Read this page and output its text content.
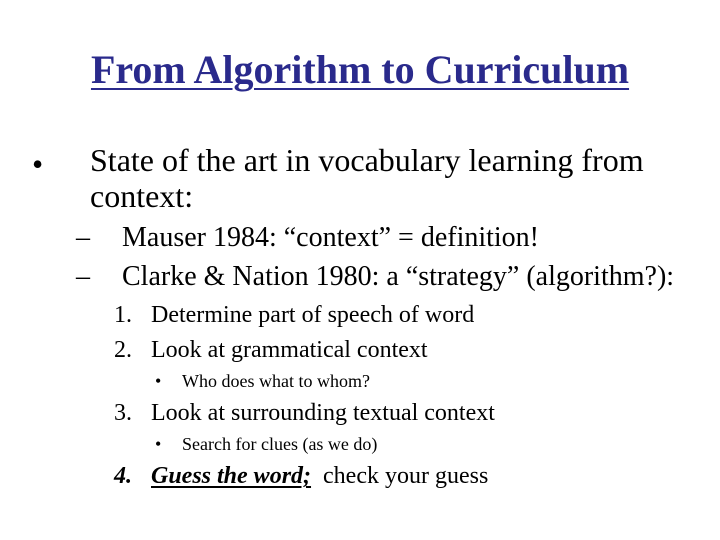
From Algorithm to Curriculum
• State of the art in vocabulary learning from context:
– Mauser 1984: “context” = definition!
– Clarke & Nation 1980: a “strategy” (algorithm?):
1. Determine part of speech of word
2. Look at grammatical context
• Who does what to whom?
3. Look at surrounding textual context
• Search for clues (as we do)
4. Guess the word; check your guess
